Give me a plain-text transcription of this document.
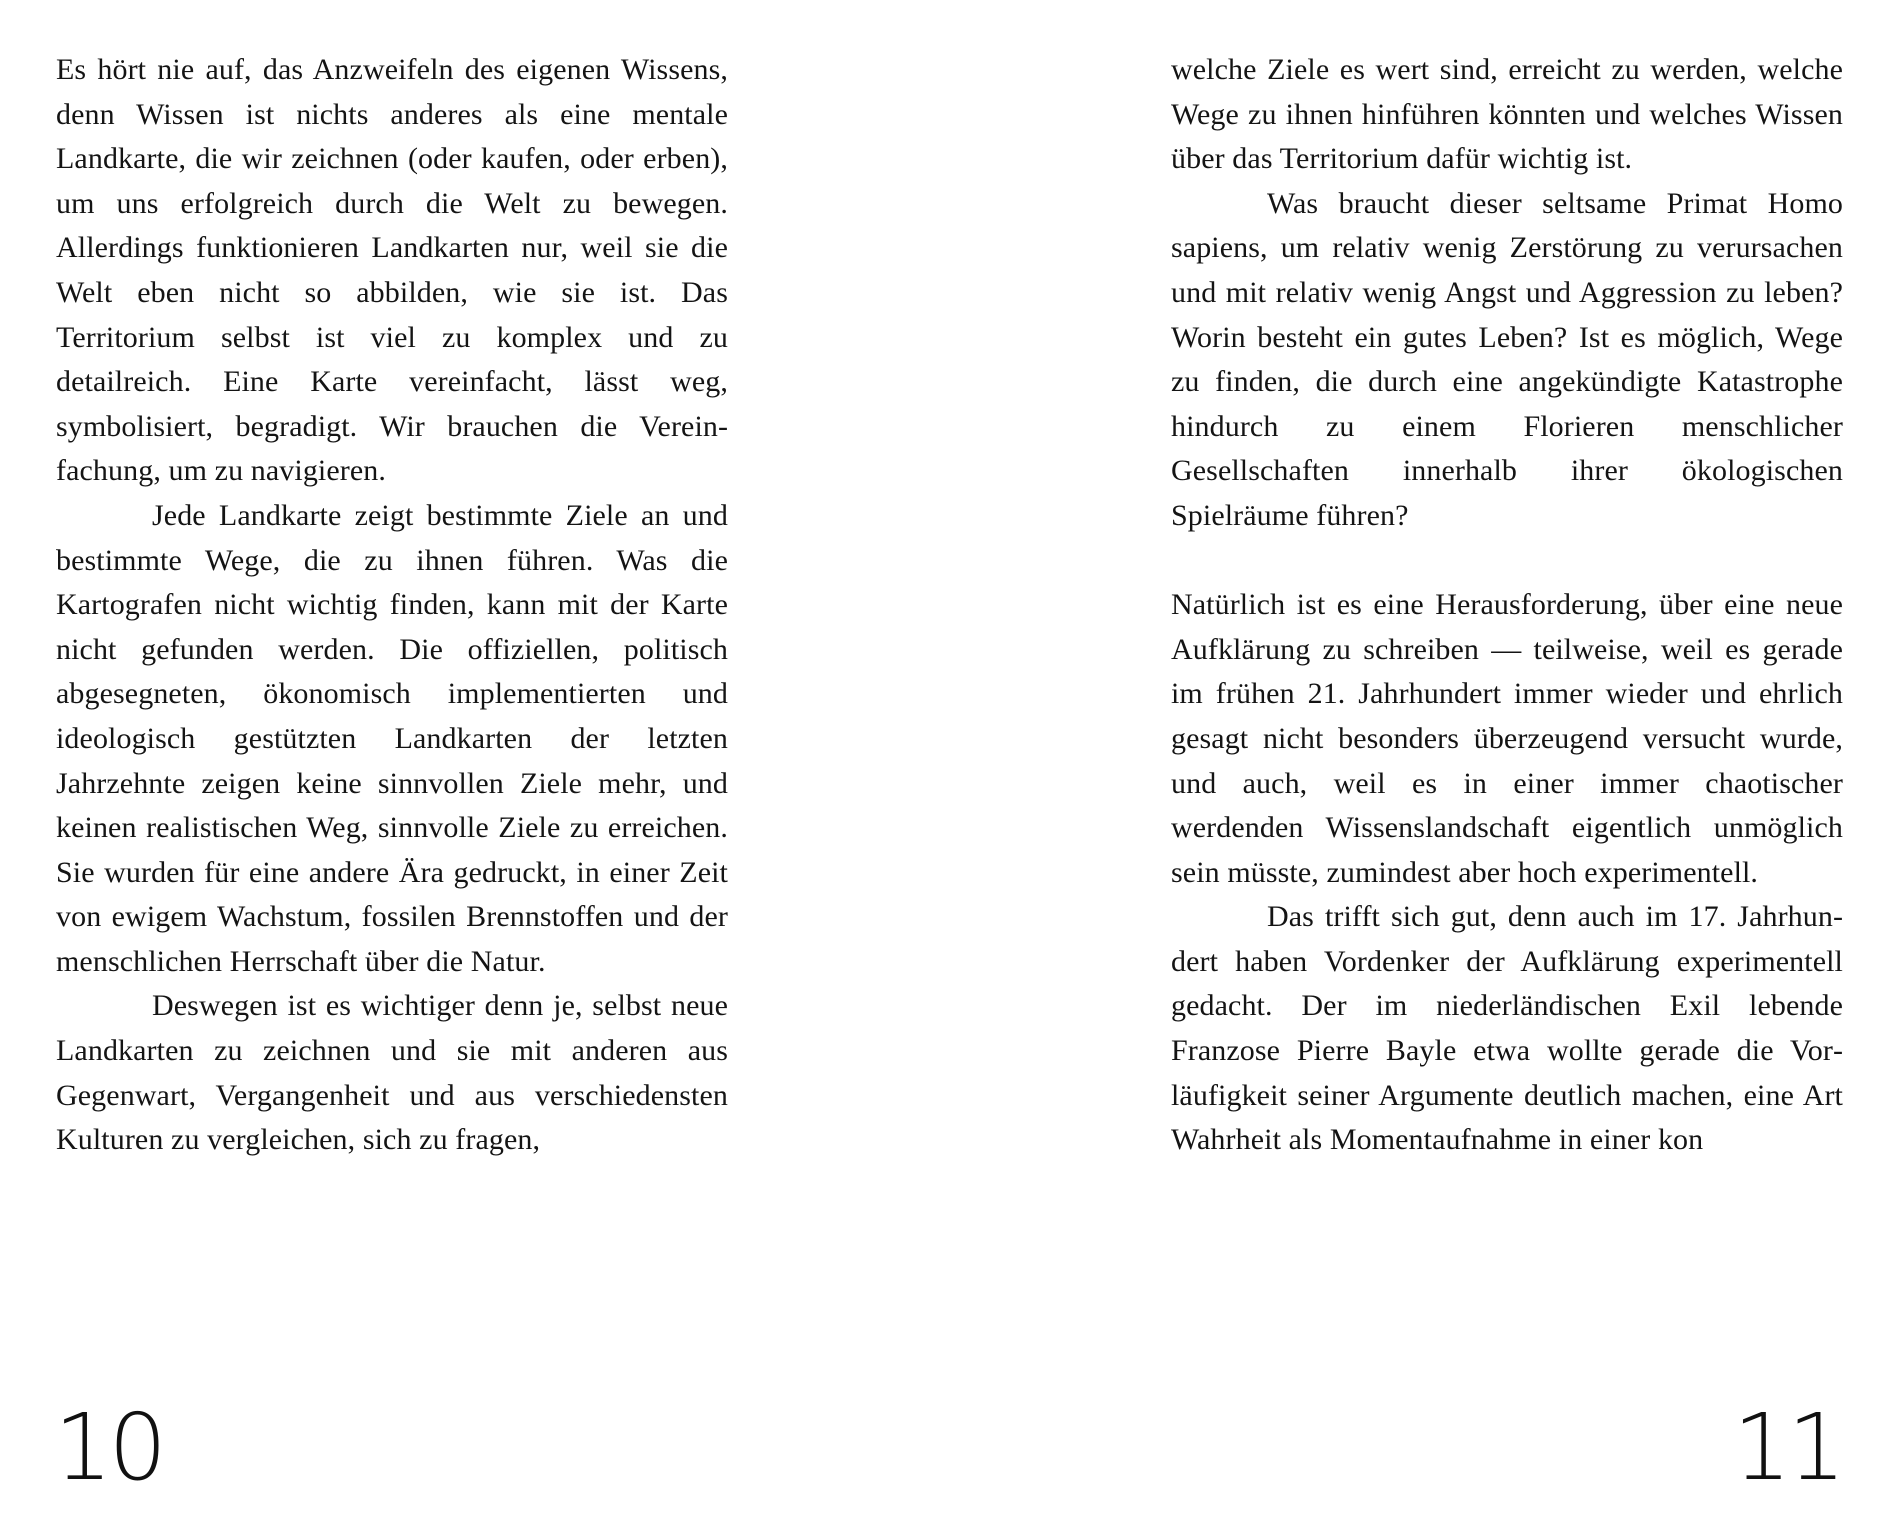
Es hört nie auf, das Anzweifeln des eigenen Wissens, denn Wissen ist nichts anderes als eine mentale Landkarte, die wir zeichnen (oder kaufen, oder erben), um uns erfolgreich durch die Welt zu bewegen. Allerdings funktionieren Landkarten nur, weil sie die Welt eben nicht so abbilden, wie sie ist. Das Territorium selbst ist viel zu komplex und zu detailreich. Eine Karte vereinfacht, lässt weg, symbolisiert, begradigt. Wir brauchen die Vereinfachung, um zu navigieren.

Jede Landkarte zeigt bestimmte Ziele an und bestimmte Wege, die zu ihnen führen. Was die Kartografen nicht wichtig finden, kann mit der Karte nicht gefunden werden. Die offiziellen, politisch abgesegneten, ökonomisch implementierten und ideologisch gestützten Landkarten der letzten Jahrzehnte zeigen keine sinnvollen Ziele mehr, und keinen realistischen Weg, sinnvolle Ziele zu erreichen. Sie wurden für eine andere Ära gedruckt, in einer Zeit von ewigem Wachstum, fossilen Brennstoffen und der menschlichen Herrschaft über die Natur.

Deswegen ist es wichtiger denn je, selbst neue Landkarten zu zeichnen und sie mit anderen aus Gegenwart, Vergangenheit und aus verschiedensten Kulturen zu vergleichen, sich zu fragen,

10

welche Ziele es wert sind, erreicht zu werden, welche Wege zu ihnen hinführen könnten und welches Wissen über das Territorium dafür wichtig ist.

Was braucht dieser seltsame Primat Homo sapiens, um relativ wenig Zerstörung zu verursachen und mit relativ wenig Angst und Aggression zu leben? Worin besteht ein gutes Leben? Ist es möglich, Wege zu finden, die durch eine angekündigte Katastrophe hindurch zu einem Florieren menschlicher Gesellschaften innerhalb ihrer ökologischen Spielräume führen?

Natürlich ist es eine Herausforderung, über eine neue Aufklärung zu schreiben — teilweise, weil es gerade im frühen 21. Jahrhundert immer wieder und ehrlich gesagt nicht besonders überzeugend versucht wurde, und auch, weil es in einer immer chaotischer werdenden Wissenslandschaft eigentlich unmöglich sein müsste, zumindest aber hoch experimentell.

Das trifft sich gut, denn auch im 17. Jahrhundert haben Vordenker der Aufklärung experimentell gedacht. Der im niederländischen Exil lebende Franzose Pierre Bayle etwa wollte gerade die Vorläufigkeit seiner Argumente deutlich machen, eine Art Wahrheit als Momentaufnahme in einer kon

11
